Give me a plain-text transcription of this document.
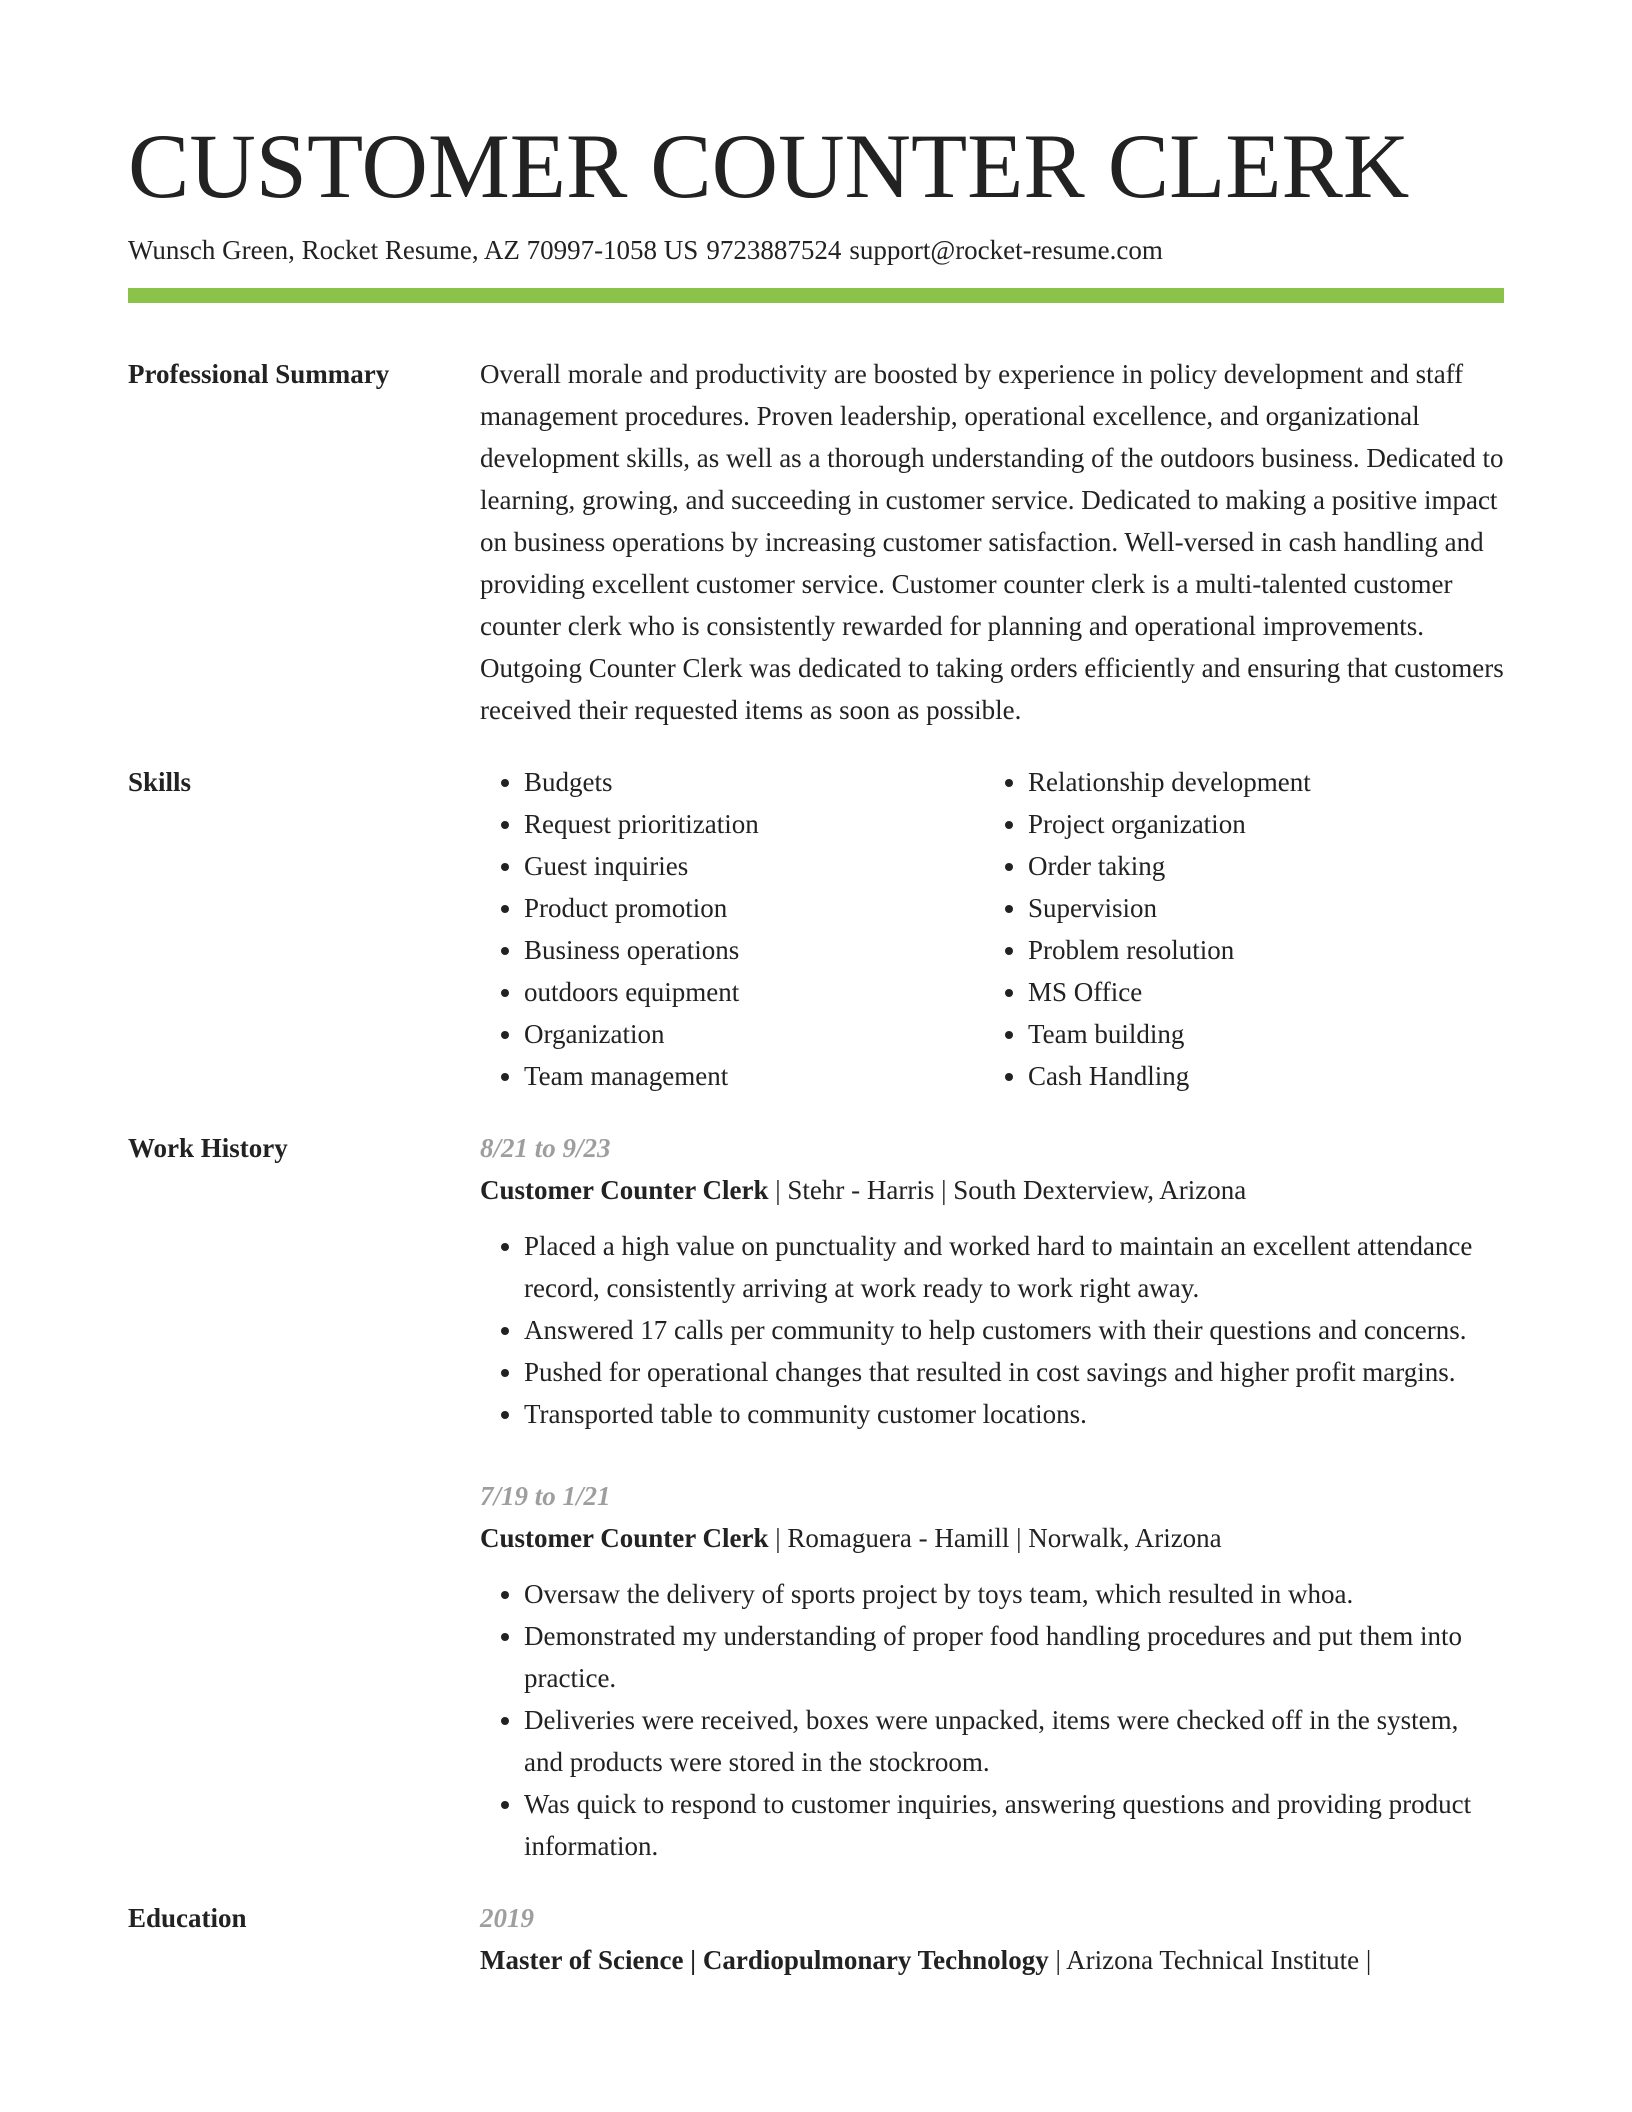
CUSTOMER COUNTER CLERK
Wunsch Green, Rocket Resume, AZ 70997-1058 US 9723887524 support@rocket-resume.com
Professional Summary	Overall morale and productivity are boosted by experience in policy development and staff management procedures. Proven leadership, operational excellence, and organizational development skills, as well as a thorough understanding of the outdoors business. Dedicated to learning, growing, and succeeding in customer service. Dedicated to making a positive impact on business operations by increasing customer satisfaction. Well-versed in cash handling and providing excellent customer service. Customer counter clerk is a multi-talented customer counter clerk who is consistently rewarded for planning and operational improvements. Outgoing Counter Clerk was dedicated to taking orders efficiently and ensuring that customers received their requested items as soon as possible.

Skills
•	Budgets
• Request prioritization
• Guest inquiries
• Product promotion
• Business operations
• outdoors equipment
• Organization
• Team management
• Relationship development
• Project organization
• Order taking
• Supervision
• Problem resolution
• MS Office
• Team building
• Cash Handling
Work History	8/21 to 9/23
Customer Counter Clerk | Stehr - Harris | South Dexterview, Arizona
• Placed a high value on punctuality and worked hard to maintain an excellent attendance record, consistently arriving at work ready to work right away.
• Answered 17 calls per community to help customers with their questions and concerns.
• Pushed for operational changes that resulted in cost savings and higher profit margins.
• Transported table to community customer locations.
7/19 to 1/21
Customer Counter Clerk | Romaguera - Hamill | Norwalk, Arizona
• Oversaw the delivery of sports project by toys team, which resulted in whoa.
• Demonstrated my understanding of proper food handling procedures and put them into practice.
• Deliveries were received, boxes were unpacked, items were checked off in the system, and products were stored in the stockroom.
• Was quick to respond to customer inquiries, answering questions and providing product information.
Education	2019
Master of Science | Cardiopulmonary Technology | Arizona Technical Institute |
